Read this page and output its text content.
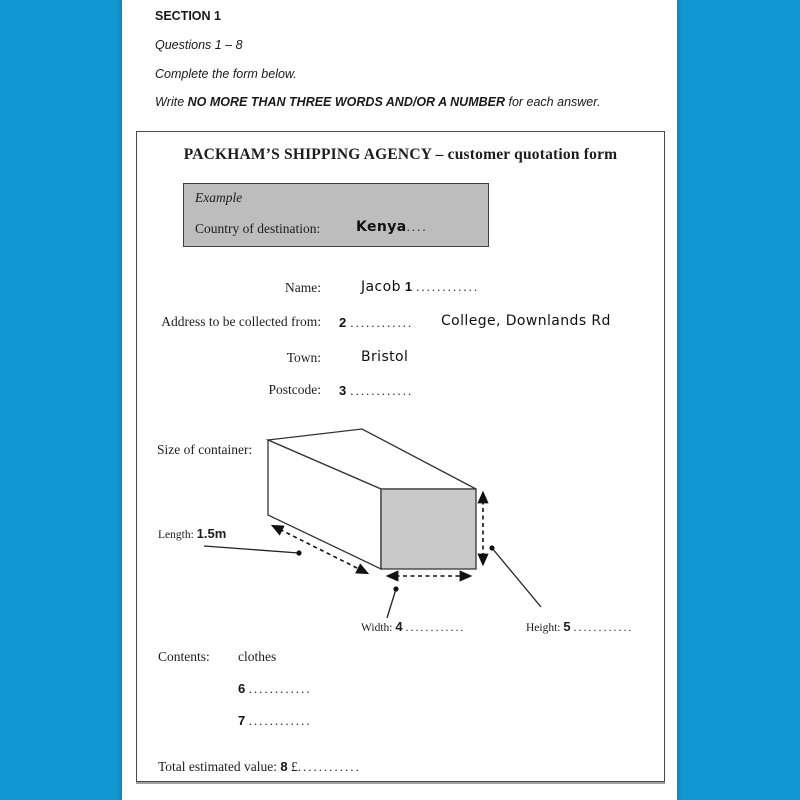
SECTION 1
Questions 1 – 8
Complete the form below.
Write NO MORE THAN THREE WORDS AND/OR A NUMBER for each answer.
PACKHAM’S SHIPPING AGENCY – customer quotation form
Example
Country of destination:	Kenya....
Name:	Jacob 1 ............
Address to be collected from: 2 ............ College, Downlands Rd
Town:	Bristol
Postcode: 3 ............
Size of container:
Length: 1.5m
Width: 4 ............	Height: 5 ............
Contents: clothes
6 ............
7 ............
Total estimated value: 8 £............
